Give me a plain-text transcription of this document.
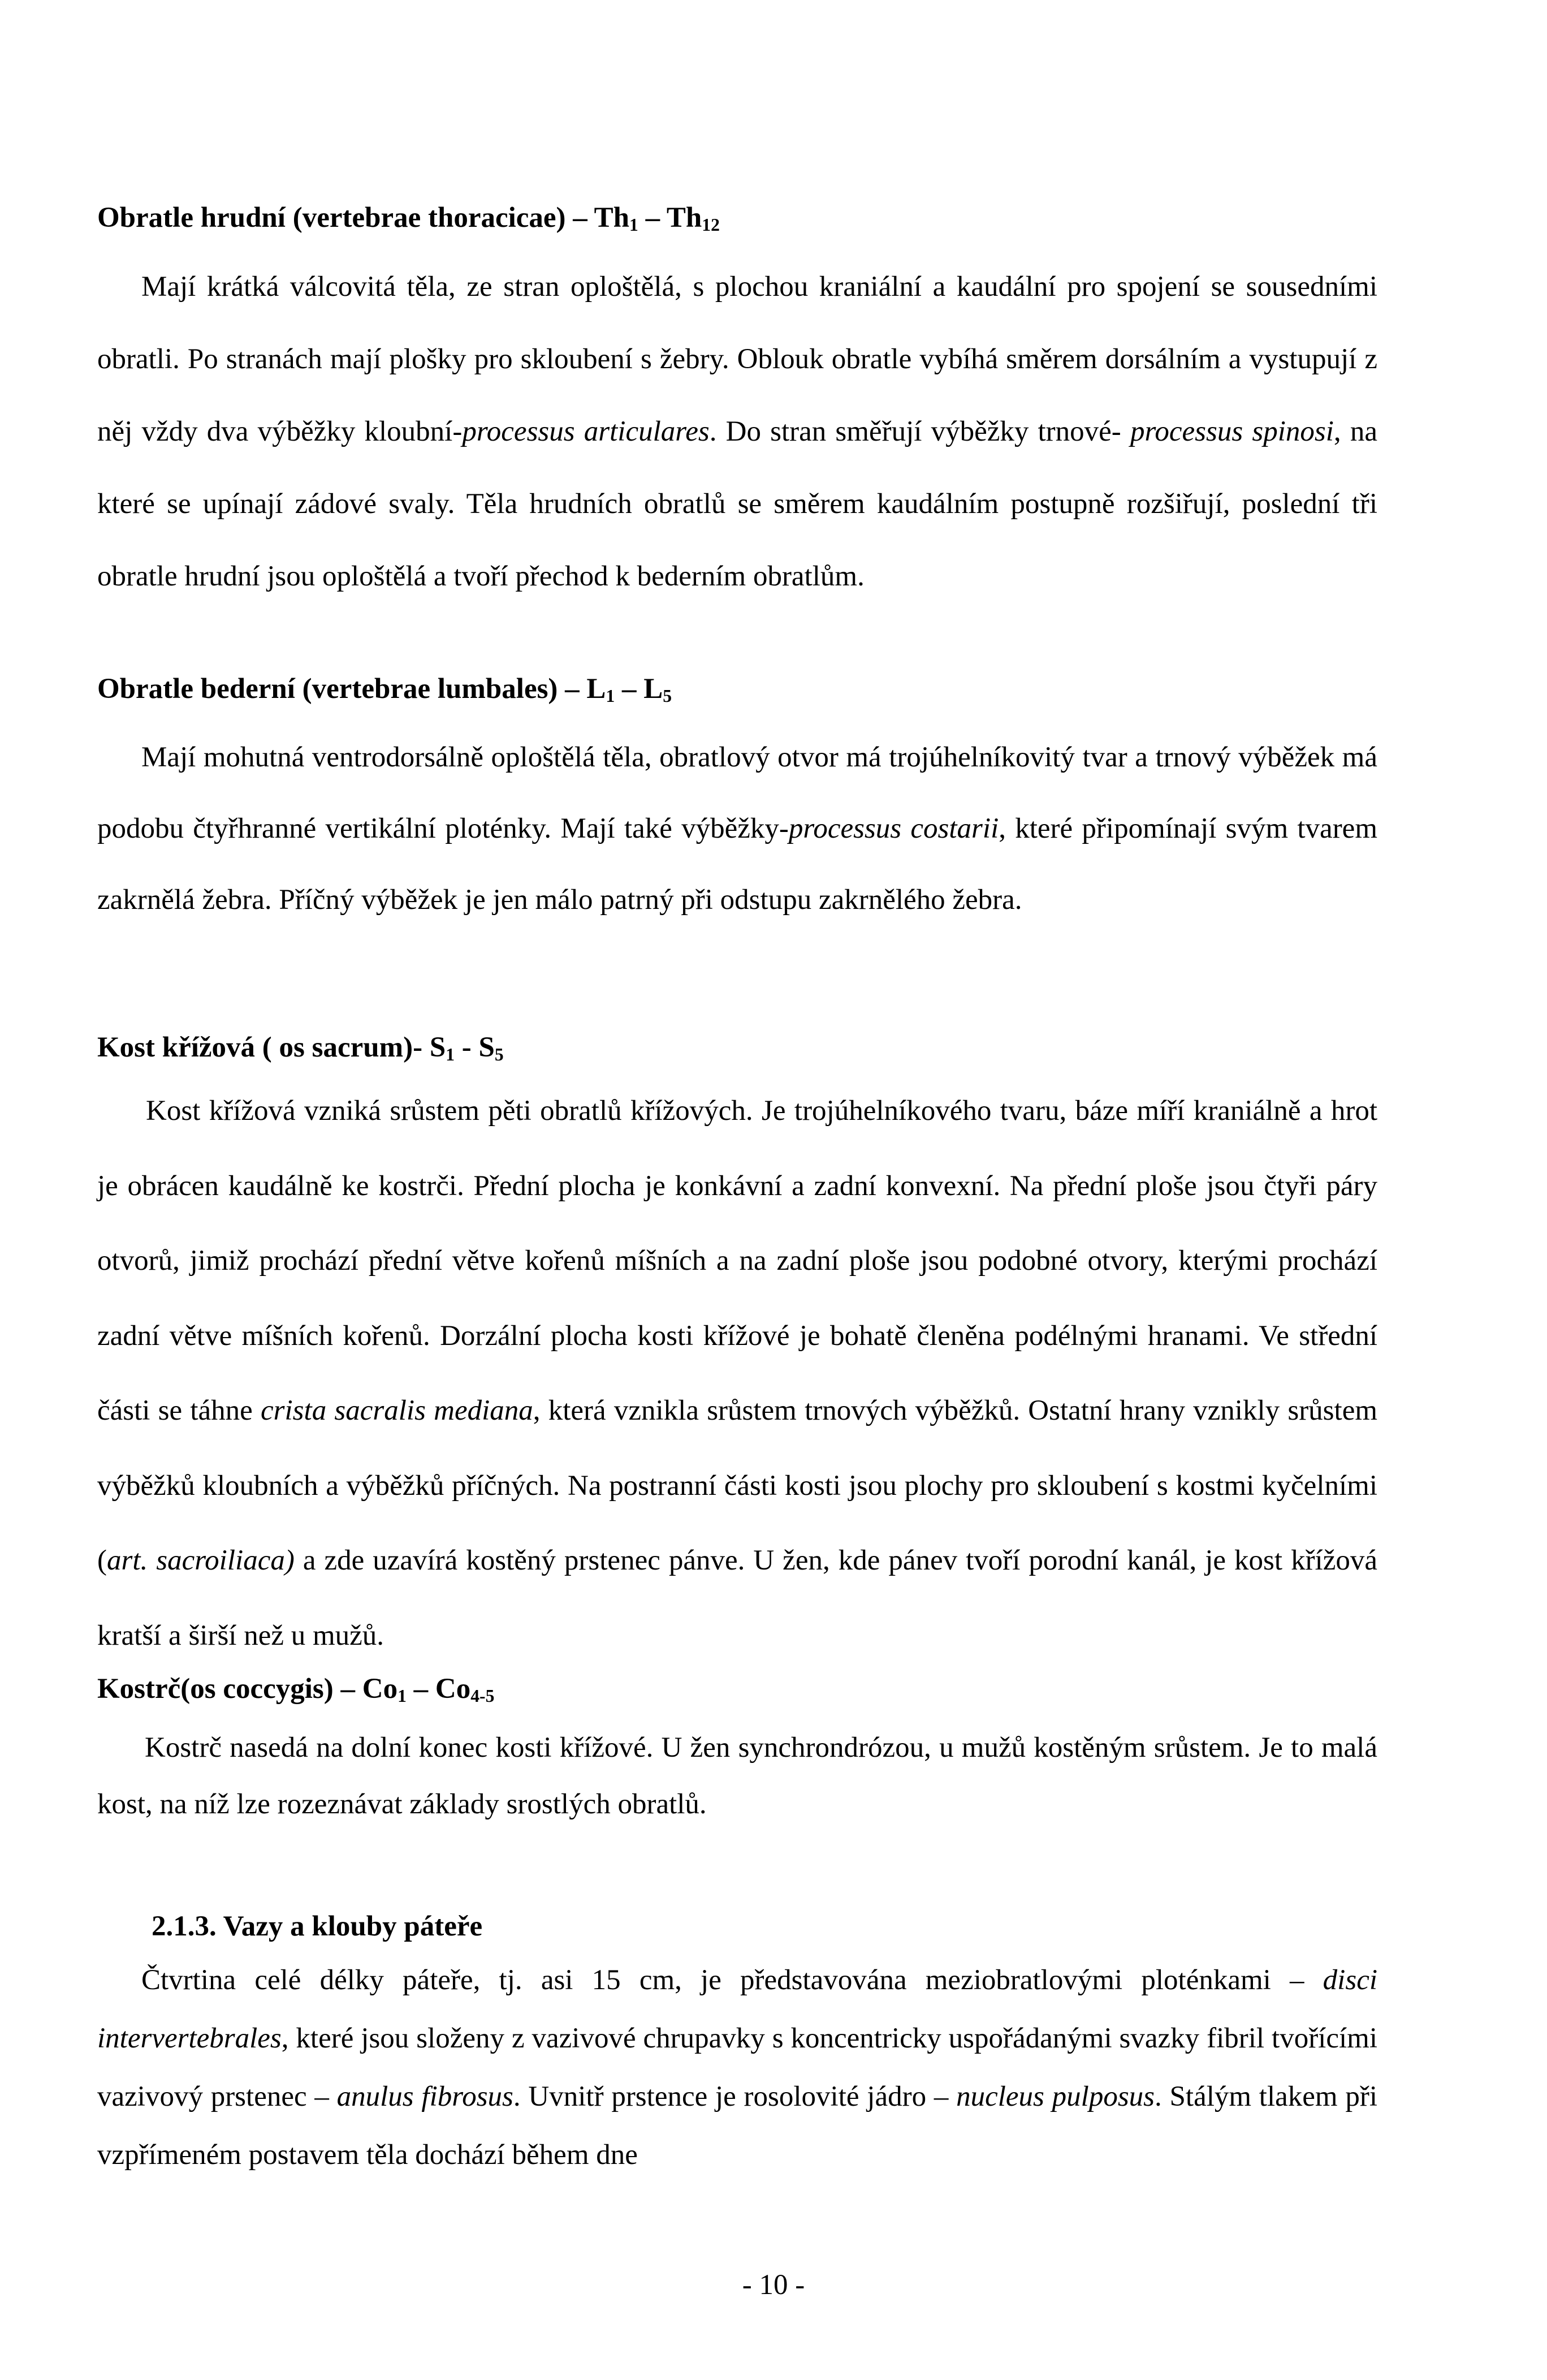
Obratle hrudní (vertebrae thoracicae) – $Th_1 - Th_{12}$
Mají krátká válcovitá těla, ze stran oploštělá, s plochou kraniální a kaudální pro spojení se sousedními obratli. Po stranách mají plošky pro skloubení s žebry. Oblouk obratle vybíhá směrem dorsálním a vystupují z něj vždy dva výběžky kloubní-processus articulares. Do stran směřují výběžky trnové- processus spinosi, na které se upínají zádové svaly. Těla hrudních obratlů se směrem kaudálním postupně rozšiřují, poslední tři obratle hrudní jsou oploštělá a tvoří přechod k bederním obratlům.
Obratle bederní (vertebrae lumbales) – $L_1 - L_5$
Mají mohutná ventrodorsálně oploštělá těla, obratlový otvor má trojúhelníkovitý tvar a trnový výběžek má podobu čtyřhranné vertikální ploténky. Mají také výběžky-processus costarii, které připomínají svým tvarem zakrnělá žebra. Příčný výběžek je jen málo patrný při odstupu zakrnělého žebra.
Kost křížová ( os sacrum)- $S_1 - S_5$
Kost křížová vzniká srůstem pěti obratlů křížových. Je trojúhelníkového tvaru, báze míří kraniálně a hrot je obrácen kaudálně ke kostrči. Přední plocha je konkávní a zadní konvexní. Na přední ploše jsou čtyři páry otvorů, jimiž prochází přední větve kořenů míšních a na zadní ploše jsou podobné otvory, kterými prochází zadní větve míšních kořenů. Dorzální plocha kosti křížové je bohatě členěna podélnými hranami. Ve střední části se táhne crista sacralis mediana, která vznikla srůstem trnových výběžků. Ostatní hrany vznikly srůstem výběžků kloubních a výběžků příčných. Na postranní části kosti jsou plochy pro skloubení s kostmi kyčelními (art. sacroiliaca) a zde uzavírá kostěný prstenec pánve. U žen, kde pánev tvoří porodní kanál, je kost křížová kratší a širší než u mužů.
Kostrč(os coccygis) – $Co_1 - Co_{4-5}$
Kostrč nasedá na dolní konec kosti křížové. U žen synchrondrózou, u mužů kostěným srůstem. Je to malá kost, na níž lze rozeznávat základy srostlých obratlů.
2.1.3. Vazy a klouby páteře
Čtvrtina celé délky páteře, tj. asi 15 cm, je představována meziobratlovými ploténkami – disci intervertebrales, které jsou složeny z vazivové chrupavky s koncentricky uspořádanými svazky fibril tvořícími vazivový prstenec – anulus fibrosus. Uvnitř prstence je rosolovité jádro – nucleus pulposus. Stálým tlakem při vzpřímeném postavem těla dochází během dne
- 10 -
